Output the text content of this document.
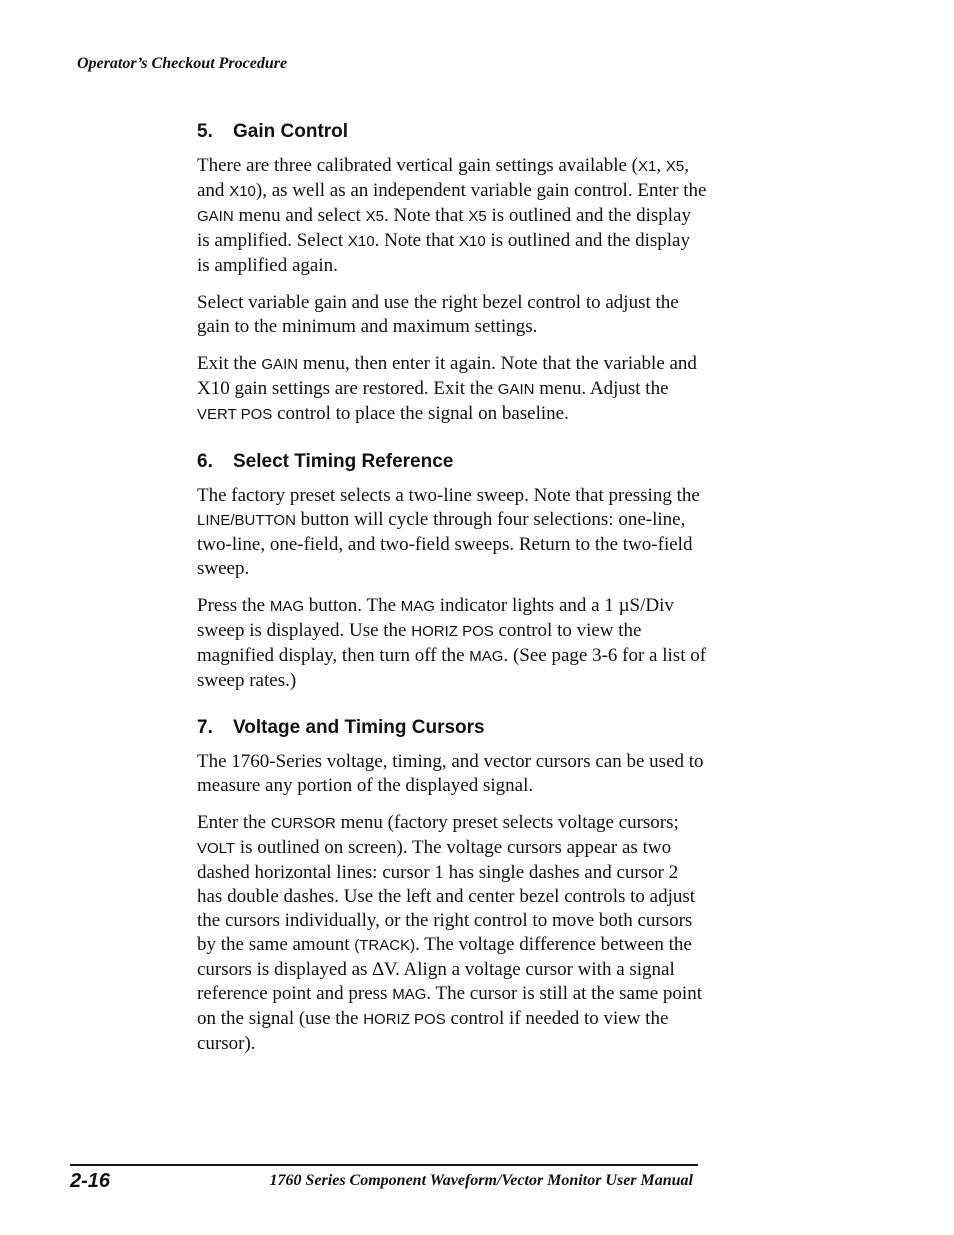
Operator’s Checkout Procedure
5. Gain Control

There are three calibrated vertical gain settings available (X1, X5, and X10), as well as an independent variable gain control. Enter the GAIN menu and select X5. Note that X5 is outlined and the display is amplified. Select X10. Note that X10 is outlined and the display is amplified again.

Select variable gain and use the right bezel control to adjust the gain to the minimum and maximum settings.

Exit the GAIN menu, then enter it again. Note that the variable and X10 gain settings are restored. Exit the GAIN menu. Adjust the VERT POS control to place the signal on baseline.

6. Select Timing Reference

The factory preset selects a two-line sweep. Note that pressing the LINE/BUTTON button will cycle through four selections: one-line, two-line, one-field, and two-field sweeps. Return to the two-field sweep.

Press the MAG button. The MAG indicator lights and a 1 µS/Div sweep is displayed. Use the HORIZ POS control to view the magnified display, then turn off the MAG. (See page 3-6 for a list of sweep rates.)

7. Voltage and Timing Cursors

The 1760-Series voltage, timing, and vector cursors can be used to measure any portion of the displayed signal.

Enter the CURSOR menu (factory preset selects voltage cursors; VOLT is outlined on screen). The voltage cursors appear as two dashed horizontal lines: cursor 1 has single dashes and cursor 2 has double dashes. Use the left and center bezel controls to adjust the cursors individually, or the right control to move both cursors by the same amount (TRACK). The voltage difference between the cursors is displayed as ∆V. Align a voltage cursor with a signal reference point and press MAG. The cursor is still at the same point on the signal (use the HORIZ POS control if needed to view the cursor).

2-16	1760 Series Component Waveform/Vector Monitor User Manual
